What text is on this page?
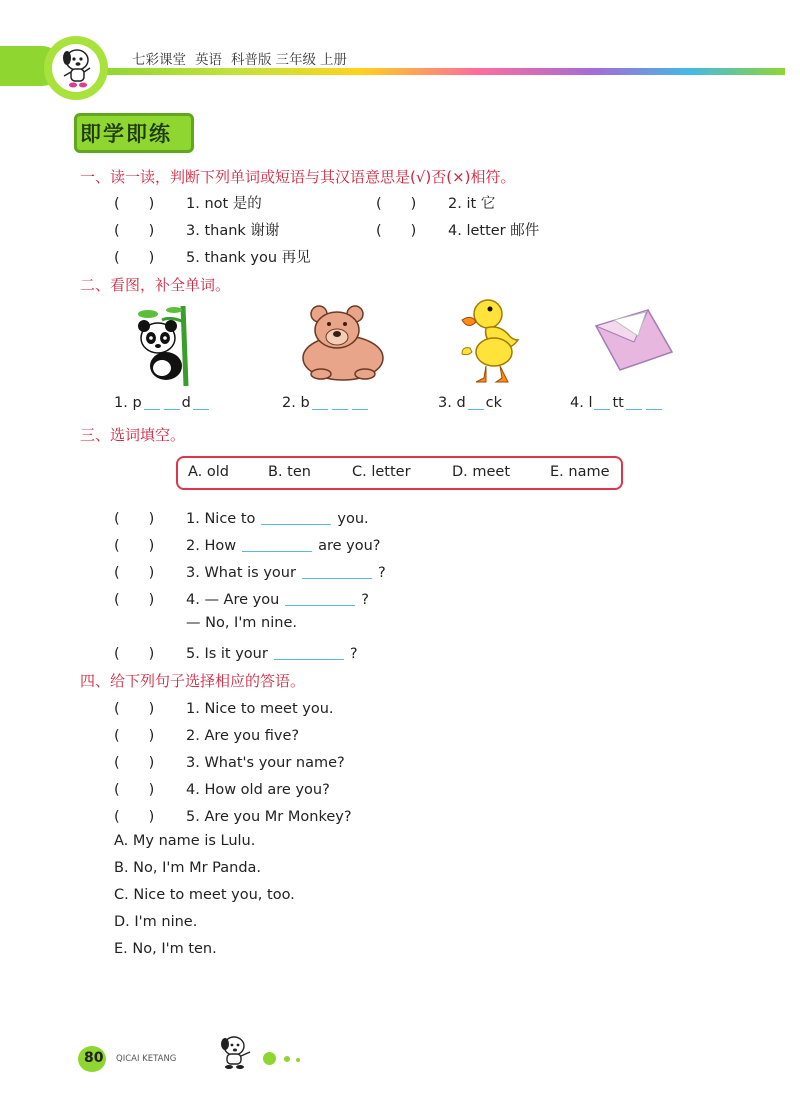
七彩课堂 英语 科普版 三年级 上册
即学即练
一、读一读，判断下列单词或短语与其汉语意思是(√)否(×)相符。
(　　) 1. not 是的	(　　) 2. it 它
(　　) 3. thank 谢谢	(　　) 4. letter 邮件
(　　) 5. thank you 再见
二、看图，补全单词。
1. p	d	2. b	3. d ck	4. l tt
三、选词填空。
A. old	B. ten	C. letter	D. meet	E. name
(　　) 1. Nice to	you.
(　　) 2. How	are you?
(　　) 3. What is your	?
(　　) 4. — Are you	?
— No, I'm nine.
(　　) 5. Is it your	?
四、给下列句子选择相应的答语。
(　　) 1. Nice to meet you.
(　　) 2. Are you five?
(　　) 3. What's your name?
(　　) 4. How old are you?
(　　) 5. Are you Mr Monkey?
A. My name is Lulu.
B. No, I'm Mr Panda.
C. Nice to meet you, too.
D. I'm nine.
E. No, I'm ten.
80 QICAI KETANG
